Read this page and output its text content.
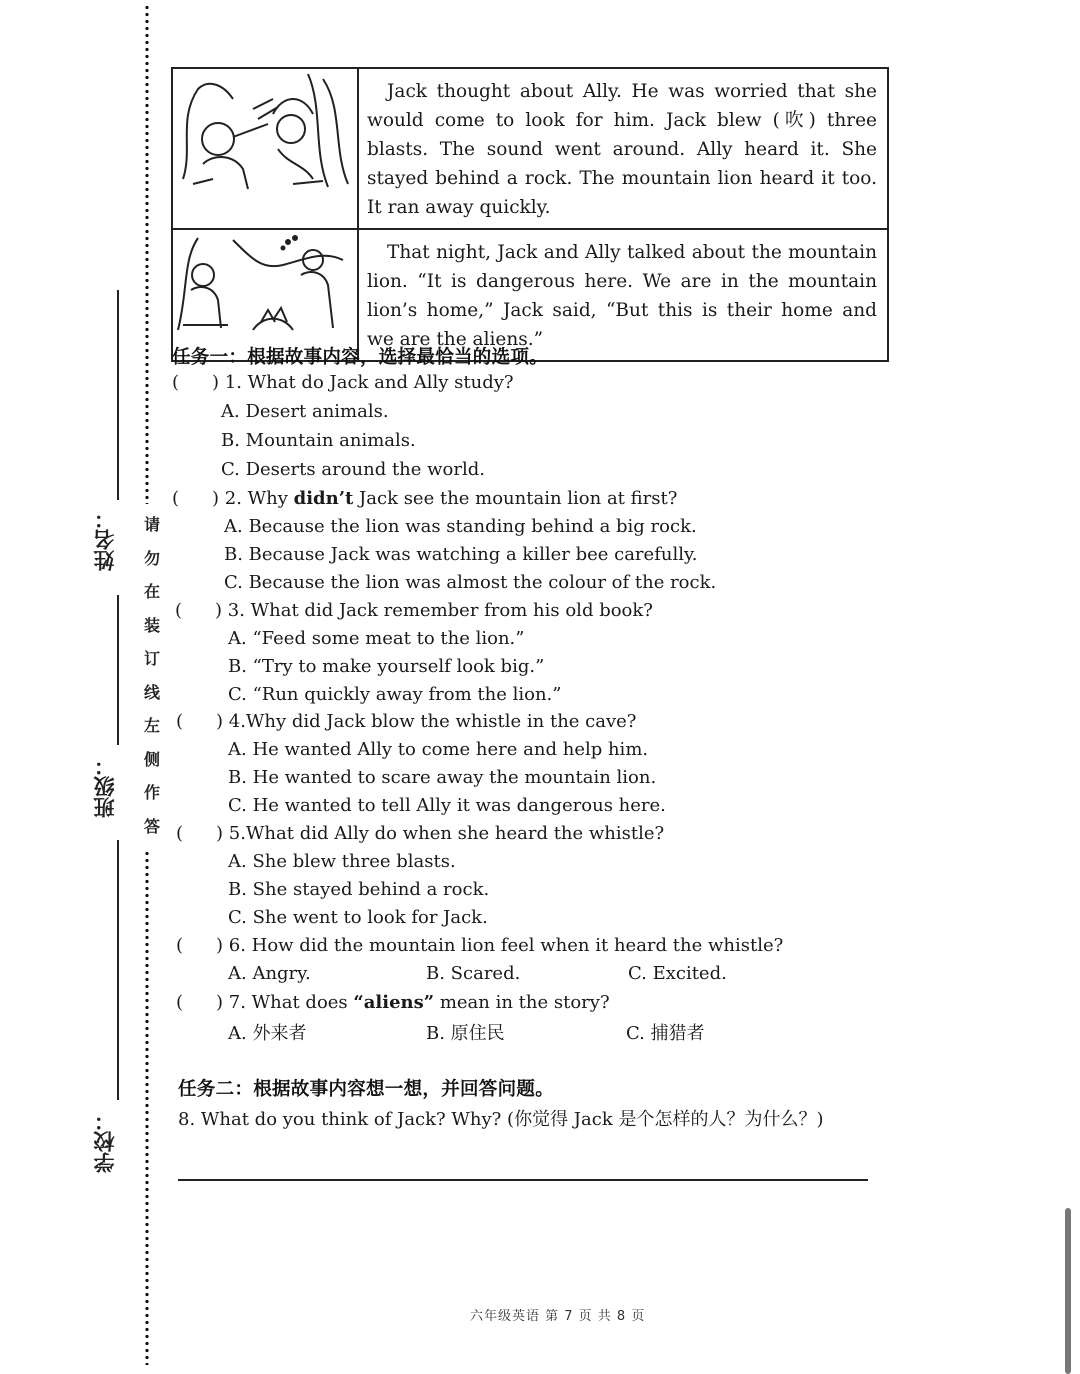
请
勿
在
装
订
线
左
侧
作
答
姓名：
班级：
学校：
Jack thought about Ally. He was worried that she would come to look for him. Jack blew (吹) three blasts. The sound went around. Ally heard it. She stayed behind a rock. The mountain lion heard it too. It ran away quickly.
That night, Jack and Ally talked about the mountain lion. “It is dangerous here. We are in the mountain lion’s home,” Jack said, “But this is their home and we are the aliens.”
任务一：根据故事内容，选择最恰当的选项。
( ) 1. What do Jack and Ally study?
A. Desert animals.
B. Mountain animals.
C. Deserts around the world.
( ) 2. Why didn’t Jack see the mountain lion at first?
A. Because the lion was standing behind a big rock.
B. Because Jack was watching a killer bee carefully.
C. Because the lion was almost the colour of the rock.
( ) 3. What did Jack remember from his old book?
A. “Feed some meat to the lion.”
B. “Try to make yourself look big.”
C. “Run quickly away from the lion.”
( ) 4.Why did Jack blow the whistle in the cave?
A. He wanted Ally to come here and help him.
B. He wanted to scare away the mountain lion.
C. He wanted to tell Ally it was dangerous here.
( ) 5.What did Ally do when she heard the whistle?
A. She blew three blasts.
B. She stayed behind a rock.
C. She went to look for Jack.
( ) 6. How did the mountain lion feel when it heard the whistle?
A. Angry.	B. Scared.	C. Excited.
( ) 7. What does “aliens” mean in the story?
A. 外来者	B. 原住民	C. 捕猎者
任务二：根据故事内容想一想，并回答问题。
8. What do you think of Jack? Why? (你觉得 Jack 是个怎样的人？为什么？)
六年级英语 第 7 页 共 8 页
